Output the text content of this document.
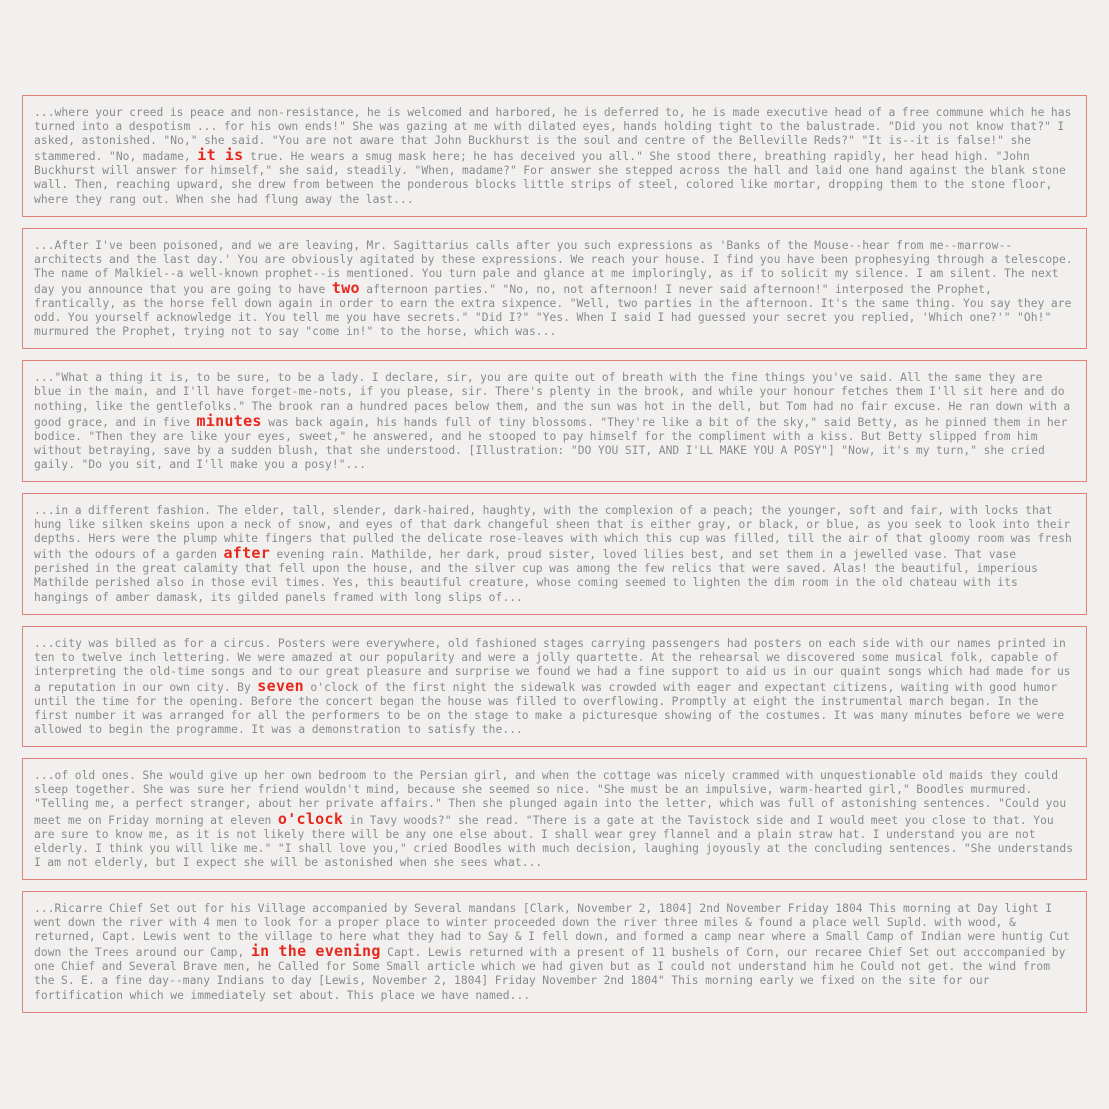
...where your creed is peace and non-resistance, he is welcomed and harbored, he is deferred to, he is made executive head of a free commune which he has turned into a despotism ... for his own ends!" She was gazing at me with dilated eyes, hands holding tight to the balustrade. "Did you not know that?" I asked, astonished. "No," she said. "You are not aware that John Buckhurst is the soul and centre of the Belleville Reds?" "It is--it is false!" she stammered. "No, madame, it is true. He wears a smug mask here; he has deceived you all." She stood there, breathing rapidly, her head high. "John Buckhurst will answer for himself," she said, steadily. "When, madame?" For answer she stepped across the hall and laid one hand against the blank stone wall. Then, reaching upward, she drew from between the ponderous blocks little strips of steel, colored like mortar, dropping them to the stone floor, where they rang out. When she had flung away the last...
...After I've been poisoned, and we are leaving, Mr. Sagittarius calls after you such expressions as 'Banks of the Mouse--hear from me--marrow--architects and the last day.' You are obviously agitated by these expressions. We reach your house. I find you have been prophesying through a telescope. The name of Malkiel--a well-known prophet--is mentioned. You turn pale and glance at me imploringly, as if to solicit my silence. I am silent. The next day you announce that you are going to have two afternoon parties." "No, no, not afternoon! I never said afternoon!" interposed the Prophet, frantically, as the horse fell down again in order to earn the extra sixpence. "Well, two parties in the afternoon. It's the same thing. You say they are odd. You yourself acknowledge it. You tell me you have secrets." "Did I?" "Yes. When I said I had guessed your secret you replied, 'Which one?'" "Oh!" murmured the Prophet, trying not to say "come in!" to the horse, which was...
..."What a thing it is, to be sure, to be a lady. I declare, sir, you are quite out of breath with the fine things you've said. All the same they are blue in the main, and I'll have forget-me-nots, if you please, sir. There's plenty in the brook, and while your honour fetches them I'll sit here and do nothing, like the gentlefolks." The brook ran a hundred paces below them, and the sun was hot in the dell, but Tom had no fair excuse. He ran down with a good grace, and in five minutes was back again, his hands full of tiny blossoms. "They're like a bit of the sky," said Betty, as he pinned them in her bodice. "Then they are like your eyes, sweet," he answered, and he stooped to pay himself for the compliment with a kiss. But Betty slipped from him without betraying, save by a sudden blush, that she understood. [Illustration: "DO YOU SIT, AND I'LL MAKE YOU A POSY"] "Now, it's my turn," she cried gaily. "Do you sit, and I'll make you a posy!"...
...in a different fashion. The elder, tall, slender, dark-haired, haughty, with the complexion of a peach; the younger, soft and fair, with locks that hung like silken skeins upon a neck of snow, and eyes of that dark changeful sheen that is either gray, or black, or blue, as you seek to look into their depths. Hers were the plump white fingers that pulled the delicate rose-leaves with which this cup was filled, till the air of that gloomy room was fresh with the odours of a garden after evening rain. Mathilde, her dark, proud sister, loved lilies best, and set them in a jewelled vase. That vase perished in the great calamity that fell upon the house, and the silver cup was among the few relics that were saved. Alas! the beautiful, imperious Mathilde perished also in those evil times. Yes, this beautiful creature, whose coming seemed to lighten the dim room in the old chateau with its hangings of amber damask, its gilded panels framed with long slips of...
...city was billed as for a circus. Posters were everywhere, old fashioned stages carrying passengers had posters on each side with our names printed in ten to twelve inch lettering. We were amazed at our popularity and were a jolly quartette. At the rehearsal we discovered some musical folk, capable of interpreting the old-time songs and to our great pleasure and surprise we found we had a fine support to aid us in our quaint songs which had made for us a reputation in our own city. By seven o'clock of the first night the sidewalk was crowded with eager and expectant citizens, waiting with good humor until the time for the opening. Before the concert began the house was filled to overflowing. Promptly at eight the instrumental march began. In the first number it was arranged for all the performers to be on the stage to make a picturesque showing of the costumes. It was many minutes before we were allowed to begin the programme. It was a demonstration to satisfy the...
...of old ones. She would give up her own bedroom to the Persian girl, and when the cottage was nicely crammed with unquestionable old maids they could sleep together. She was sure her friend wouldn't mind, because she seemed so nice. "She must be an impulsive, warm-hearted girl," Boodles murmured. "Telling me, a perfect stranger, about her private affairs." Then she plunged again into the letter, which was full of astonishing sentences. "Could you meet me on Friday morning at eleven o'clock in Tavy woods?" she read. "There is a gate at the Tavistock side and I would meet you close to that. You are sure to know me, as it is not likely there will be any one else about. I shall wear grey flannel and a plain straw hat. I understand you are not elderly. I think you will like me." "I shall love you," cried Boodles with much decision, laughing joyously at the concluding sentences. "She understands I am not elderly, but I expect she will be astonished when she sees what...
...Ricarre Chief Set out for his Village accompanied by Several mandans [Clark, November 2, 1804] 2nd November Friday 1804 This morning at Day light I went down the river with 4 men to look for a proper place to winter proceeded down the river three miles & found a place well Supld. with wood, & returned, Capt. Lewis went to the village to here what they had to Say & I fell down, and formed a camp near where a Small Camp of Indian were huntig Cut down the Trees around our Camp, in the evening Capt. Lewis returned with a present of 11 bushels of Corn, our recaree Chief Set out acccompanied by one Chief and Several Brave men, he Called for Some Small article which we had given but as I could not understand him he Could not get. the wind from the S. E. a fine day--many Indians to day [Lewis, November 2, 1804] Friday November 2nd 1804" This morning early we fixed on the site for our fortification which we immediately set about. This place we have named...
